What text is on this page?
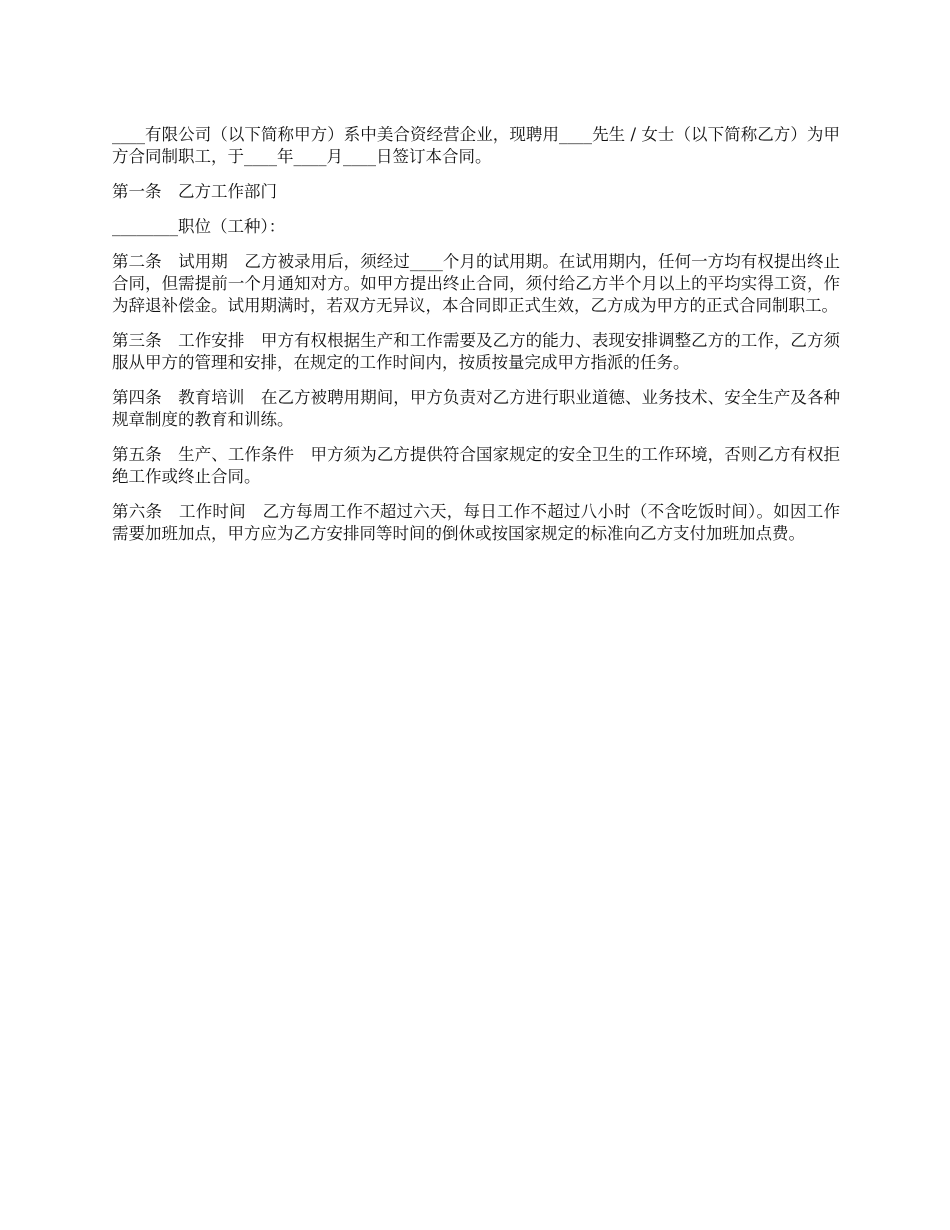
____有限公司（以下简称甲方）系中美合资经营企业，现聘用____先生 / 女士（以下简称乙方）为甲方合同制职工，于____年____月____日签订本合同。

第一条　乙方工作部门

________职位（工种）：

第二条　试用期　乙方被录用后，须经过____个月的试用期。在试用期内，任何一方均有权提出终止合同，但需提前一个月通知对方。如甲方提出终止合同，须付给乙方半个月以上的平均实得工资，作为辞退补偿金。试用期满时，若双方无异议，本合同即正式生效，乙方成为甲方的正式合同制职工。

第三条　工作安排　甲方有权根据生产和工作需要及乙方的能力、表现安排调整乙方的工作，乙方须服从甲方的管理和安排，在规定的工作时间内，按质按量完成甲方指派的任务。

第四条　教育培训　在乙方被聘用期间，甲方负责对乙方进行职业道德、业务技术、安全生产及各种规章制度的教育和训练。

第五条　生产、工作条件　甲方须为乙方提供符合国家规定的安全卫生的工作环境，否则乙方有权拒绝工作或终止合同。

第六条　工作时间　乙方每周工作不超过六天，每日工作不超过八小时（不含吃饭时间）。如因工作需要加班加点，甲方应为乙方安排同等时间的倒休或按国家规定的标准向乙方支付加班加点费。
